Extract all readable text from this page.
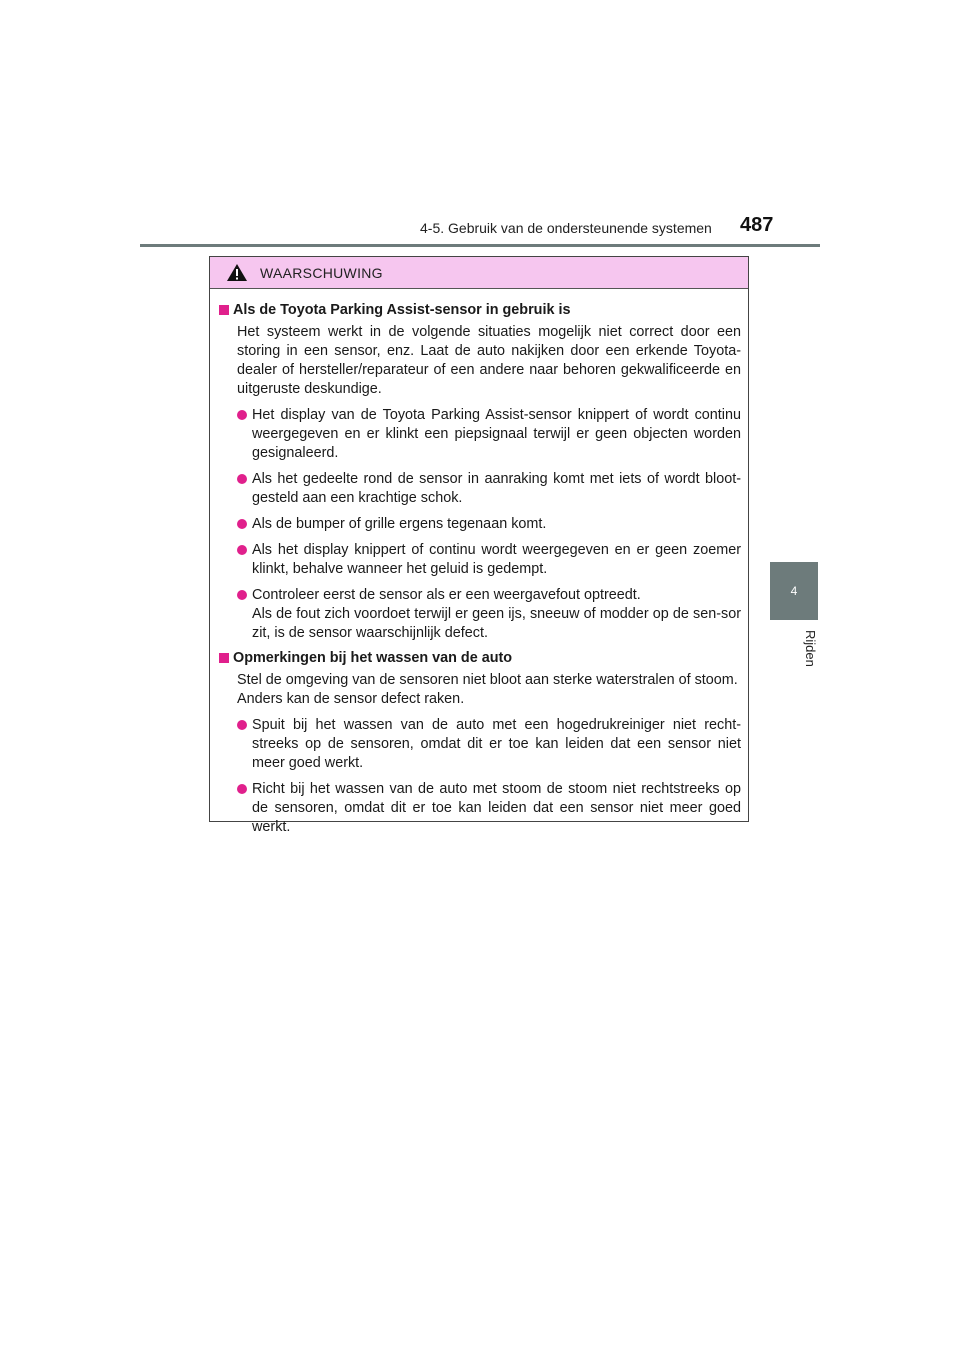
4-5. Gebruik van de ondersteunende systemen 487
4
Rijden
WAARSCHUWING
Als de Toyota Parking Assist-sensor in gebruik is
Het systeem werkt in de volgende situaties mogelijk niet correct door een storing in een sensor, enz. Laat de auto nakijken door een erkende Toyota-dealer of hersteller/reparateur of een andere naar behoren gekwalificeerde en uitgeruste deskundige.
Het display van de Toyota Parking Assist-sensor knippert of wordt continu weergegeven en er klinkt een piepsignaal terwijl er geen objecten worden gesignaleerd.
Als het gedeelte rond de sensor in aanraking komt met iets of wordt bloot-gesteld aan een krachtige schok.
Als de bumper of grille ergens tegenaan komt.
Als het display knippert of continu wordt weergegeven en er geen zoemer klinkt, behalve wanneer het geluid is gedempt.
Controleer eerst de sensor als er een weergavefout optreedt.
Als de fout zich voordoet terwijl er geen ijs, sneeuw of modder op de sen-sor zit, is de sensor waarschijnlijk defect.
Opmerkingen bij het wassen van de auto
Stel de omgeving van de sensoren niet bloot aan sterke waterstralen of stoom.
Anders kan de sensor defect raken.
Spuit bij het wassen van de auto met een hogedrukreiniger niet recht-streeks op de sensoren, omdat dit er toe kan leiden dat een sensor niet meer goed werkt.
Richt bij het wassen van de auto met stoom de stoom niet rechtstreeks op de sensoren, omdat dit er toe kan leiden dat een sensor niet meer goed werkt.
